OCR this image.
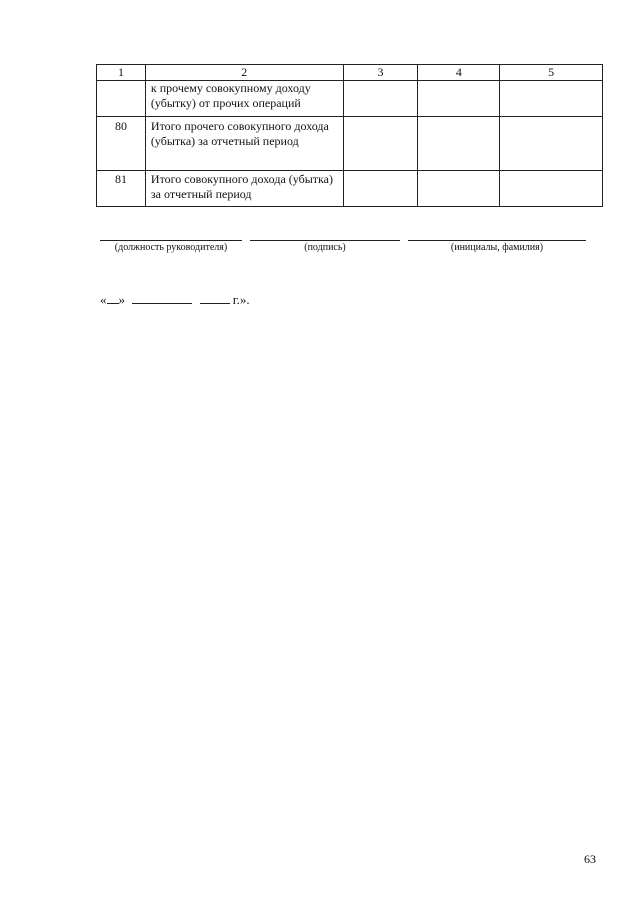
1	2	3	4	5
	к прочему совокупному доходу (убытку) от прочих операций			
80	Итого прочего совокупного дохода (убытка) за отчетный период			
81	Итого совокупного дохода (убытка) за отчетный период			
(должность руководителя)	(подпись)	(инициалы, фамилия)
« »	г.».
63
